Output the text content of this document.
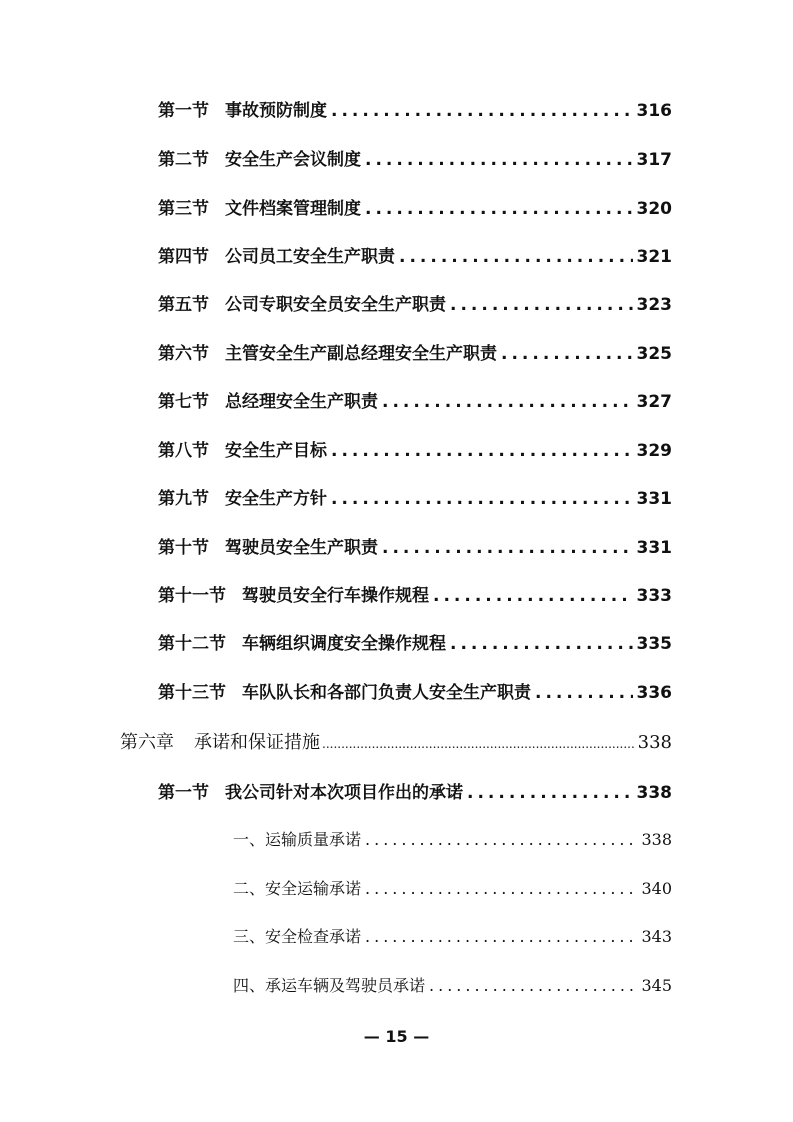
第一节 事故预防制度 .....	316
第二节 安全生产会议制度 .....	317
第三节 文件档案管理制度 .....	320
第四节 公司员工安全生产职责 .....	321
第五节 公司专职安全员安全生产职责 .....	323
第六节 主管安全生产副总经理安全生产职责 .....	325
第七节 总经理安全生产职责 .....	327
第八节 安全生产目标 .....	329
第九节 安全生产方针 .....	331
第十节 驾驶员安全生产职责 .....	331
第十一节 驾驶员安全行车操作规程 .....	333
第十二节 车辆组织调度安全操作规程 .....	335
第十三节 车队队长和各部门负责人安全生产职责 .....	336
第六章 承诺和保证措施 .....	338
第一节 我公司针对本次项目作出的承诺 .....	338
一、运输质量承诺 .....	338
二、安全运输承诺 .....	340
三、安全检查承诺 .....	343
四、承运车辆及驾驶员承诺 .....	345
— 15 —
